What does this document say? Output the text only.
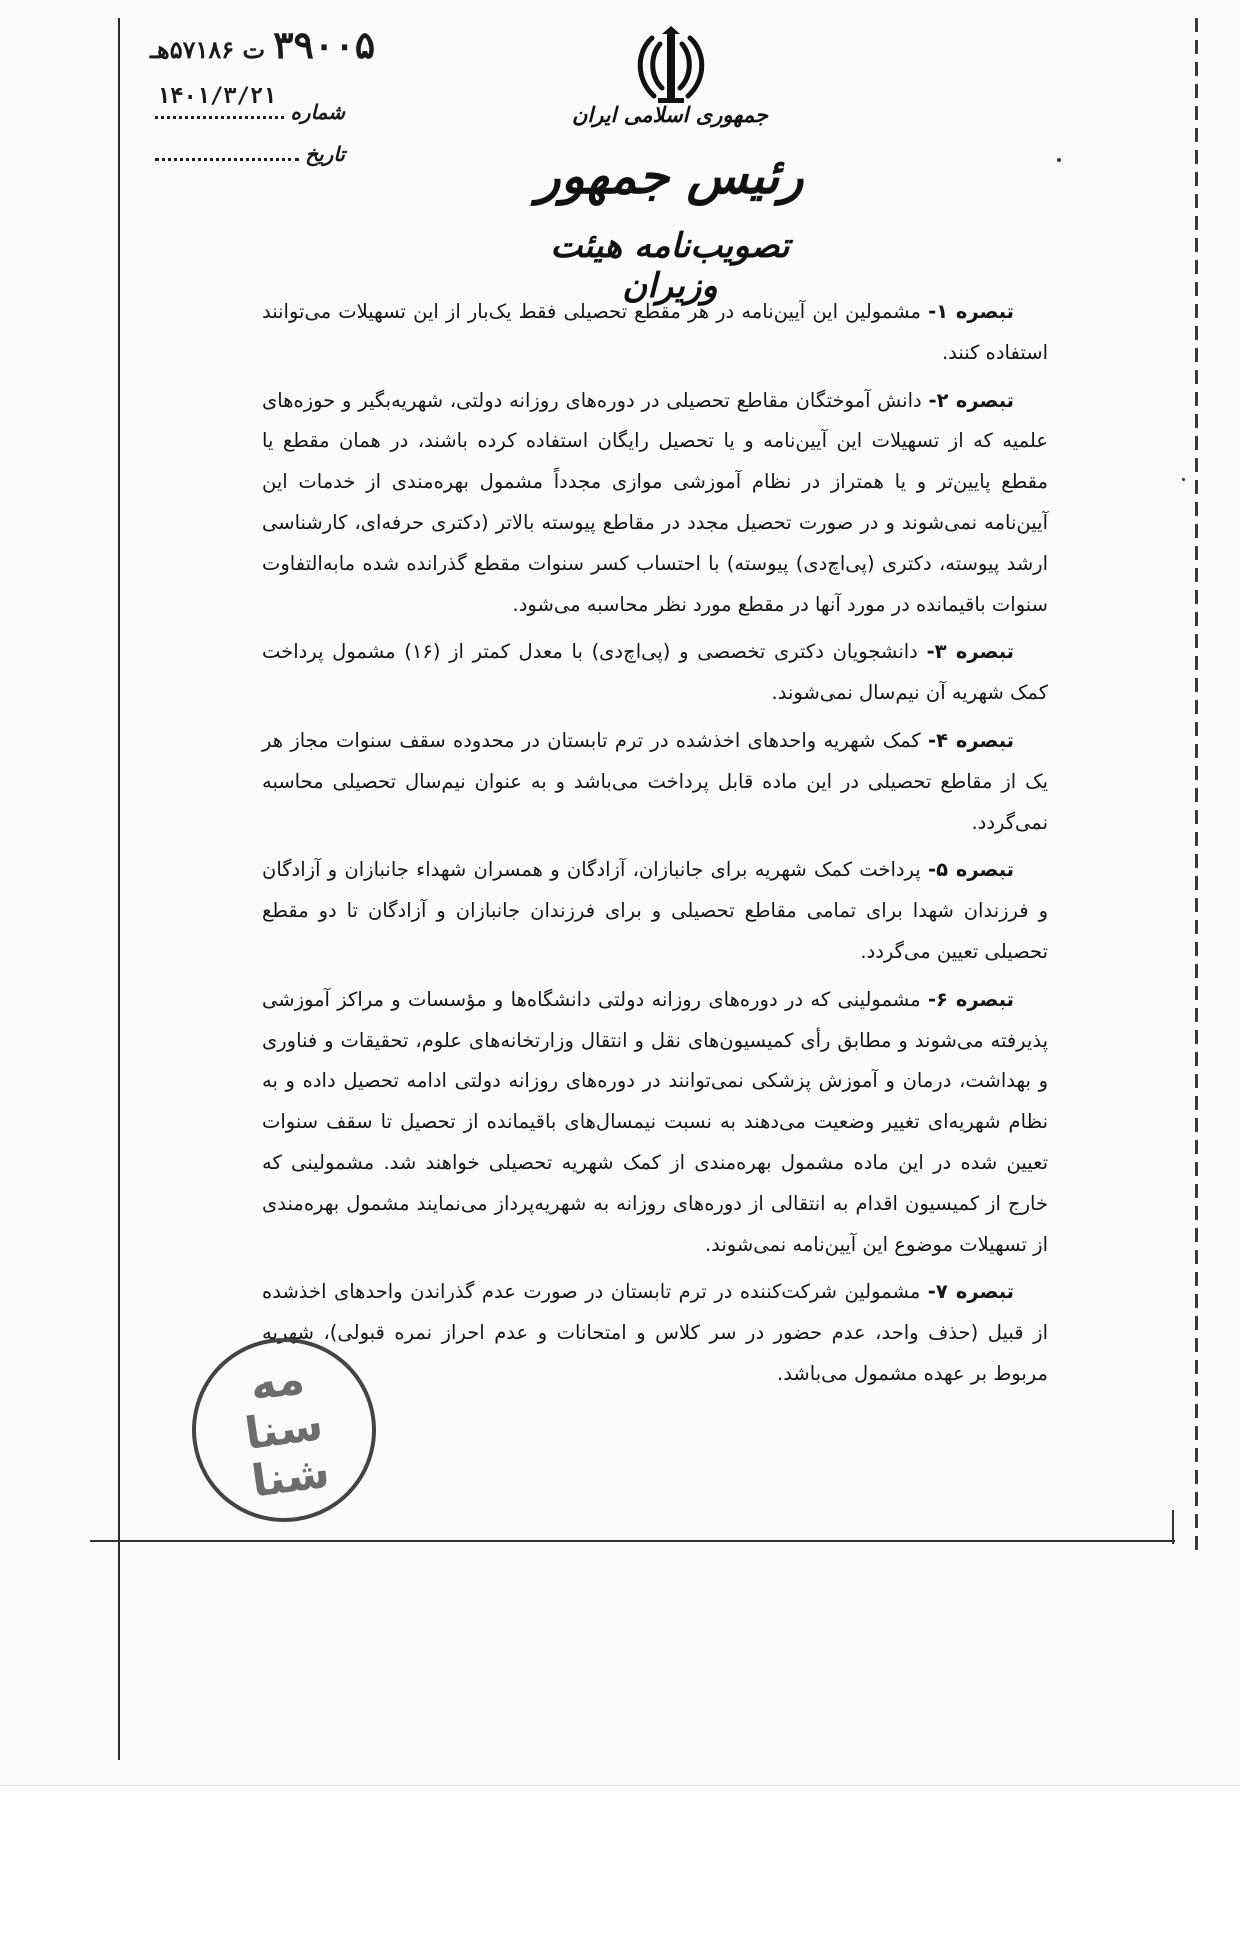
۳۹۰۰۵
ت ۵۷۱۸۶هـ
شماره
۱۴۰۱/۳/۲۱
تاریخ
جمهوری اسلامی ایران
رئیس جمهور
تصویب‌نامه هیئت وزیران

تبصره ۱- مشمولین این آیین‌نامه در هر مقطع تحصیلی فقط یک‌بار از این تسهیلات می‌توانند استفاده کنند.

تبصره ۲- دانش آموختگان مقاطع تحصیلی در دوره‌های روزانه دولتی، شهریه‌بگیر و حوزه‌های علمیه که از تسهیلات این آیین‌نامه و یا تحصیل رایگان استفاده کرده باشند، در همان مقطع یا مقطع پایین‌تر و یا همتراز در نظام آموزشی موازی مجدداً مشمول بهره‌مندی از خدمات این آیین‌نامه نمی‌شوند و در صورت تحصیل مجدد در مقاطع پیوسته بالاتر (دکتری حرفه‌ای، کارشناسی ارشد پیوسته، دکتری (پی‌اچ‌دی) پیوسته) با احتساب کسر سنوات مقطع گذرانده شده مابه‌التفاوت سنوات باقیمانده در مورد آنها در مقطع مورد نظر محاسبه می‌شود.

تبصره ۳- دانشجویان دکتری تخصصی و (پی‌اچ‌دی) با معدل کمتر از (۱۶) مشمول پرداخت کمک شهریه آن نیم‌سال نمی‌شوند.

تبصره ۴- کمک شهریه واحدهای اخذشده در ترم تابستان در محدوده سقف سنوات مجاز هر یک از مقاطع تحصیلی در این ماده قابل پرداخت می‌باشد و به عنوان نیم‌سال تحصیلی محاسبه نمی‌گردد.

تبصره ۵- پرداخت کمک شهریه برای جانبازان، آزادگان و همسران شهداء جانبازان و آزادگان و فرزندان شهدا برای تمامی مقاطع تحصیلی و برای فرزندان جانبازان و آزادگان تا دو مقطع تحصیلی تعیین می‌گردد.

تبصره ۶- مشمولینی که در دوره‌های روزانه دولتی دانشگاه‌ها و مؤسسات و مراکز آموزشی پذیرفته می‌شوند و مطابق رأی کمیسیون‌های نقل و انتقال وزارتخانه‌های علوم، تحقیقات و فناوری و بهداشت، درمان و آموزش پزشکی نمی‌توانند در دوره‌های روزانه دولتی ادامه تحصیل داده و به نظام شهریه‌ای تغییر وضعیت می‌دهند به نسبت نیمسال‌های باقیمانده از تحصیل تا سقف سنوات تعیین شده در این ماده مشمول بهره‌مندی از کمک شهریه تحصیلی خواهند شد. مشمولینی که خارج از کمیسیون اقدام به انتقالی از دوره‌های روزانه به شهریه‌پرداز می‌نمایند مشمول بهره‌مندی از تسهیلات موضوع این آیین‌نامه نمی‌شوند.

تبصره ۷- مشمولین شرکت‌کننده در ترم تابستان در صورت عدم گذراندن واحدهای اخذشده از قبیل (حذف واحد، عدم حضور در سر کلاس و امتحانات و عدم احراز نمره قبولی)، شهریه مربوط بر عهده مشمول می‌باشد.

مه
سنا
شنا
